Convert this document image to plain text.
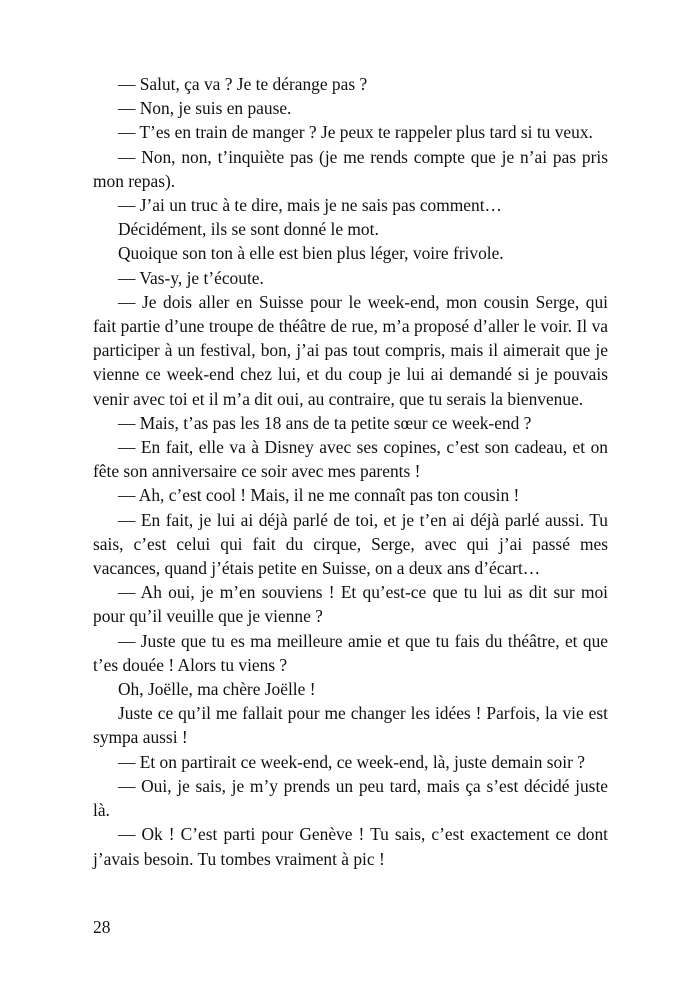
— Salut, ça va ? Je te dérange pas ?

— Non, je suis en pause.

— T’es en train de manger ? Je peux te rappeler plus tard si tu veux.

— Non, non, t’inquiète pas (je me rends compte que je n’ai pas pris mon repas).

— J’ai un truc à te dire, mais je ne sais pas comment…

Décidément, ils se sont donné le mot.

Quoique son ton à elle est bien plus léger, voire frivole.

— Vas-y, je t’écoute.

— Je dois aller en Suisse pour le week-end, mon cousin Serge, qui fait partie d’une troupe de théâtre de rue, m’a proposé d’aller le voir. Il va participer à un festival, bon, j’ai pas tout compris, mais il aimerait que je vienne ce week-end chez lui, et du coup je lui ai demandé si je pouvais venir avec toi et il m’a dit oui, au contraire, que tu serais la bienvenue.

— Mais, t’as pas les 18 ans de ta petite sœur ce week-end ?

— En fait, elle va à Disney avec ses copines, c’est son cadeau, et on fête son anniversaire ce soir avec mes parents !

— Ah, c’est cool ! Mais, il ne me connaît pas ton cousin !

— En fait, je lui ai déjà parlé de toi, et je t’en ai déjà parlé aussi. Tu sais, c’est celui qui fait du cirque, Serge, avec qui j’ai passé mes vacances, quand j’étais petite en Suisse, on a deux ans d’écart…

— Ah oui, je m’en souviens ! Et qu’est-ce que tu lui as dit sur moi pour qu’il veuille que je vienne ?

— Juste que tu es ma meilleure amie et que tu fais du théâtre, et que t’es douée ! Alors tu viens ?

Oh, Joëlle, ma chère Joëlle !

Juste ce qu’il me fallait pour me changer les idées ! Parfois, la vie est sympa aussi !

— Et on partirait ce week-end, ce week-end, là, juste demain soir ?

— Oui, je sais, je m’y prends un peu tard, mais ça s’est décidé juste là.

— Ok ! C’est parti pour Genève ! Tu sais, c’est exactement ce dont j’avais besoin. Tu tombes vraiment à pic !

28
